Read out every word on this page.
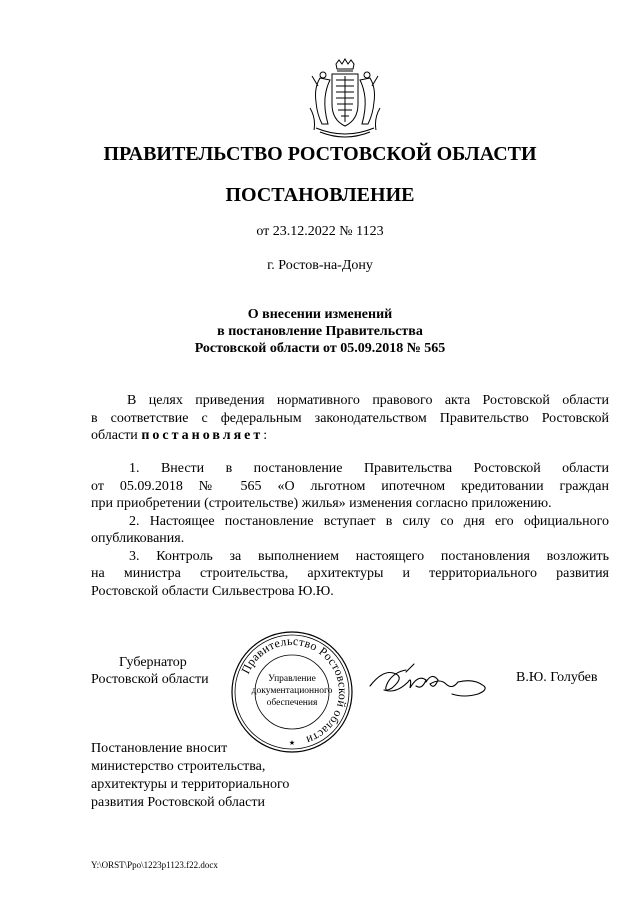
ПРАВИТЕЛЬСТВО РОСТОВСКОЙ ОБЛАСТИ
ПОСТАНОВЛЕНИЕ
от 23.12.2022 № 1123
г. Ростов-на-Дону
О внесении изменений
в постановление Правительства
Ростовской области от 05.09.2018 № 565
В целях приведения нормативного правового акта Ростовской области
в соответствие с федеральным законодательством Правительство Ростовской
области постановляет:
1. Внести в постановление Правительства Ростовской области
от 05.09.2018 № 565 «О льготном ипотечном кредитовании граждан
при приобретении (строительстве) жилья» изменения согласно приложению.
2. Настоящее постановление вступает в силу со дня его официального
опубликования.
3. Контроль за выполнением настоящего постановления возложить
на министра строительства, архитектуры и территориального развития
Ростовской области Сильвестрова Ю.Ю.
Губернатор
Ростовской области
Правительство Ростовской области
Управление
документационного
обеспечения
★
В.Ю. Голубев
Постановление вносит
министерство строительства,
архитектуры и территориального
развития Ростовской области
Y:\ORST\Ppo\1223p1123.f22.docx
